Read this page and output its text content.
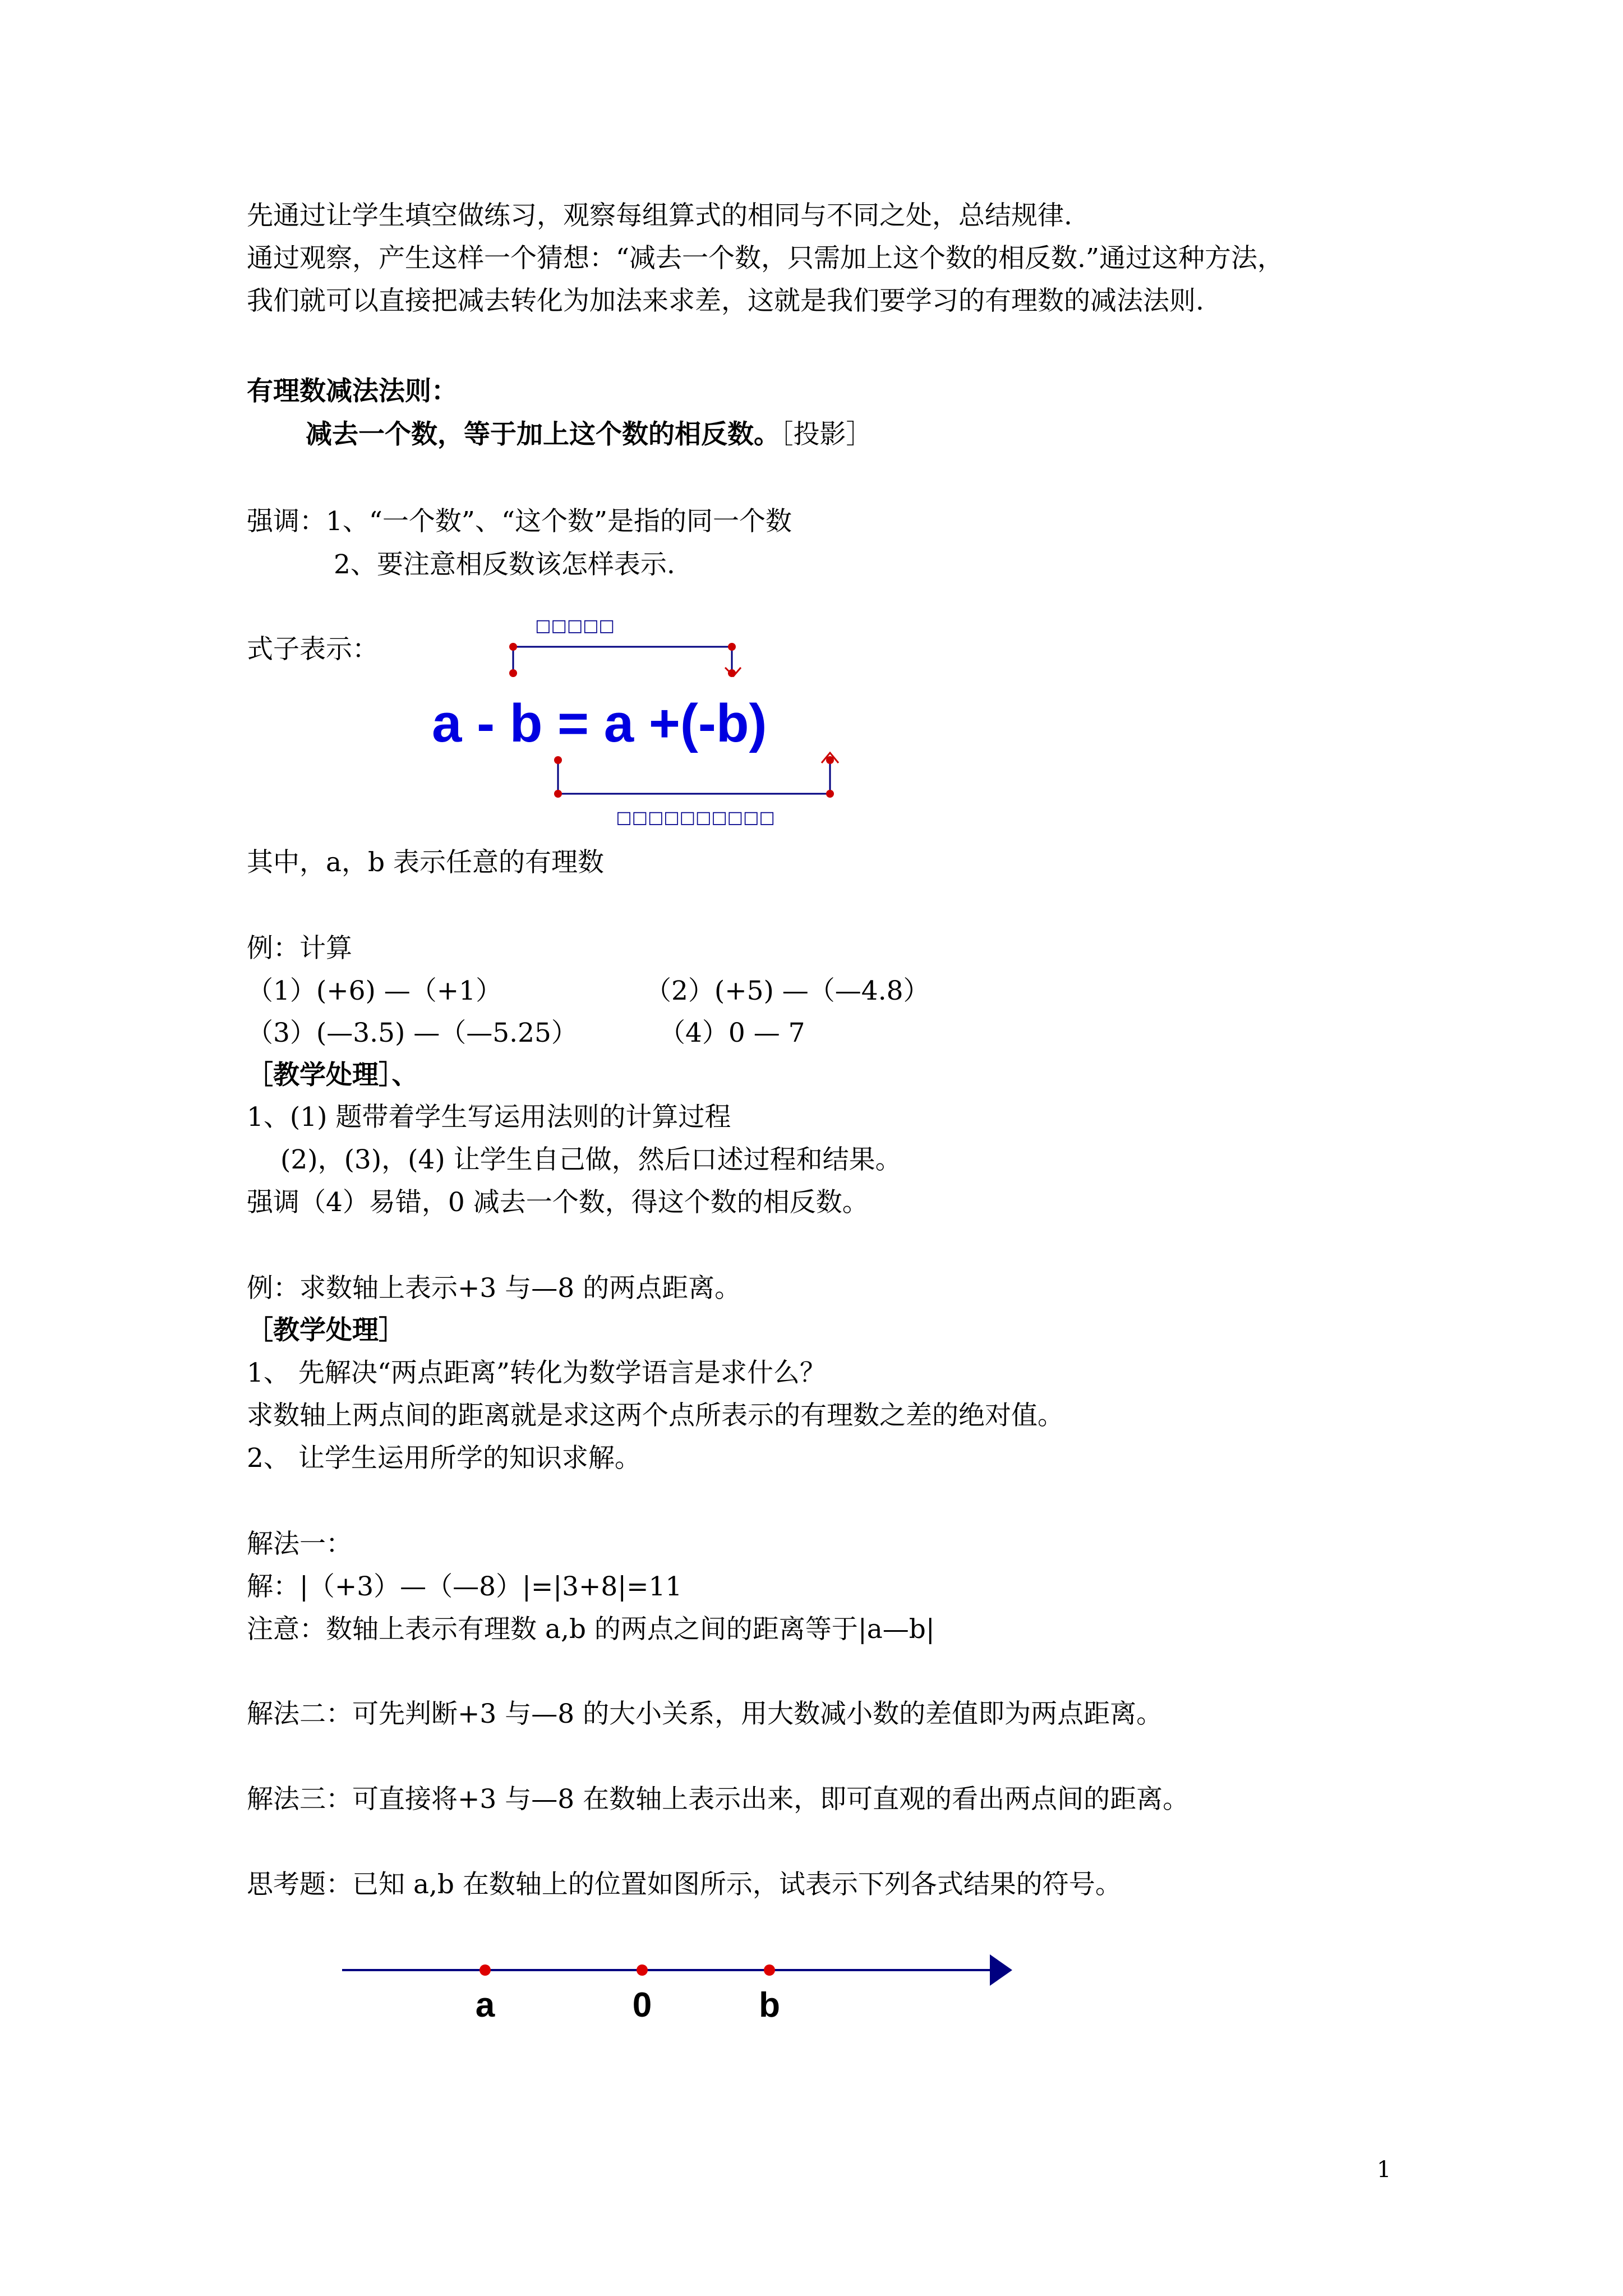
先通过让学生填空做练习，观察每组算式的相同与不同之处，总结规律.
通过观察，产生这样一个猜想：“减去一个数，只需加上这个数的相反数.”通过这种方法，
我们就可以直接把减去转化为加法来求差，这就是我们要学习的有理数的减法法则.
有理数减法法则：
减去一个数，等于加上这个数的相反数。［投影］
强调：1、“一个数”、“这个数”是指的同一个数
2、要注意相反数该怎样表示.
式子表示：
□□□□□
a - b = a +(-b)
□□□□□□□□□□
其中，a，b 表示任意的有理数
例：计算
（1）(+6) —（+1）	（2）(+5) —（—4.8）
（3）(—3.5) —（—5.25）	（4）0 — 7
［教学处理］、
1、(1) 题带着学生写运用法则的计算过程
(2)，(3)，(4) 让学生自己做，然后口述过程和结果。
强调（4）易错，0 减去一个数，得这个数的相反数。
例：求数轴上表示+3 与—8 的两点距离。
［教学处理］
1、 先解决“两点距离”转化为数学语言是求什么？
求数轴上两点间的距离就是求这两个点所表示的有理数之差的绝对值。
2、 让学生运用所学的知识求解。
解法一：
解：|（+3）—（—8）|=|3+8|=11
注意：数轴上表示有理数 a,b 的两点之间的距离等于|a—b|
解法二：可先判断+3 与—8 的大小关系，用大数减小数的差值即为两点距离。
解法三：可直接将+3 与—8 在数轴上表示出来，即可直观的看出两点间的距离。
思考题：已知 a,b 在数轴上的位置如图所示，试表示下列各式结果的符号。
a	0	b
1
